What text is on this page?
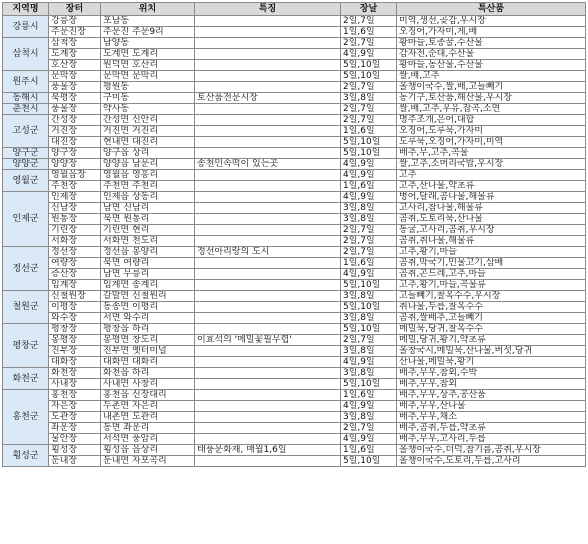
지역명	장터	위치	특징	장날	특산품
강릉시	강릉장	포남동		2일,7일	미역,생선,곶감,우시장
	주문진장	주문진 주문9리		1일,6일	오징어,가자미,게,배
삼척시	삼척장	남양동		2일,7일	황마늘,토종꿀,수산물
	도계장	도계면 도계리		4일,9일	감자전,순대,수산물
	호산장	원덕면 호산리		5일,10일	황마늘,농산물,수산물
원주시	문막장	문막면 문막리		5일,10일	쌀,배,고추
	풍물장	평원동		2일,7일	올챙이국수,쌀,배,고들빼기
동해시	북평장	구미동	토산품전문시장	3일,8일	농기구,토산품,해산물,우시장
춘천시	풍물장	약사동		2일,7일	쌀,배,고추,우유,잡곡,소면
고성군	간성장	간성면 신안리		2일,7일	명주조개,은어,대합
	거진장	거진면 거진리		1일,6일	오징어,도루묵,가자미
	대진장	현내면 대진리		5일,10일	도루묵,오징어,가자미,미역
양구군	양구장	양구읍 상리		5일,10일	배추,무,고추,곡물
양양군	양양장	양양읍 남문리	송천민속떡이 있는곳	4일,9일	쌀,고추,소머리국밥,우시장
영월군	영월읍장	영월읍 영흥리		4일,9일	고추
	주천장	주천면 주천리		1일,6일	고추,산나물,약초류
인제군	인제장	인제읍 상동리		4일,9일	병어,달래,곰나물,해물류
	신남장	남면 신남리		3일,8일	고사리,참나물,해물류
	원통장	북면 원통리		3일,8일	곰취,도토리묵,산나물
	기린장	기린면 현리		2일,7일	동굴,고사리,곰취,우시장
	서화장	서화면 천도리		2일,7일	곰취,취나물,해물류
정선군	정선장	정선읍 봉양리	정선아리랑의 도시	2일,7일	고추,황기,마늘
	여량장	북면 여량리		1일,6일	곰취,막국기,민물고기,삼배
	증산장	남면 무릉리		4일,9일	곰취,곤드레,고추,마늘
	임계장	임계면 송계리		5일,10일	고추,황기,마늘,곡물류
철원군	신철원장	갈말면 신철원리		3일,8일	고들빼기,찰옥수수,우시장
	이평장	동송면 이평리		5일,10일	취나물,두릅,찰옥수수
	와수장	서면 와수리		3일,8일	곰취,쌀배추,고들빼기
평창군	평창장	평창읍 하리		5일,10일	메밀묵,당귀,찰옥수수
	봉평장	봉평면 창도리	이효석의 '메밀꽃필무렵'	2일,7일	메밀,당귀,황기,약초류
	진부장	진부면 옛터미널		3일,8일	올창국시,메밀묵,산나물,버섯,당귀
	대화장	대화면 대화리		4일,9일	산나물,메밀묵,황기
화천군	화천장	화천읍 하리		3일,8일	배추,무우,참외,수박
	사내장	사내면 사창리		5일,10일	배추,무우,참외
홍천군	홍천장	홍천읍 신장대리		1일,6일	배추,무우,상추,공산품
	자은장	두촌면 자은리		4일,9일	배추,무우,산나물
	도관장	내촌면 도관리		3일,8일	배추,무우,채소
	좌운장	동면 좌운리		2일,7일	배추,곰취,두릅,약초류
	물안장	서석면 풍암리		4일,9일	배추,무우,고사리,두릅
횡성군	횡성장	횡성읍 읍상리	태풍문화재, 매월1,6일	1일,6일	올챙이국수,더덕,참기름,곰취,우시장
	둔내장	둔내면 자포곡리		5일,10일	올챙이국수,도토리,두릅,고사리
